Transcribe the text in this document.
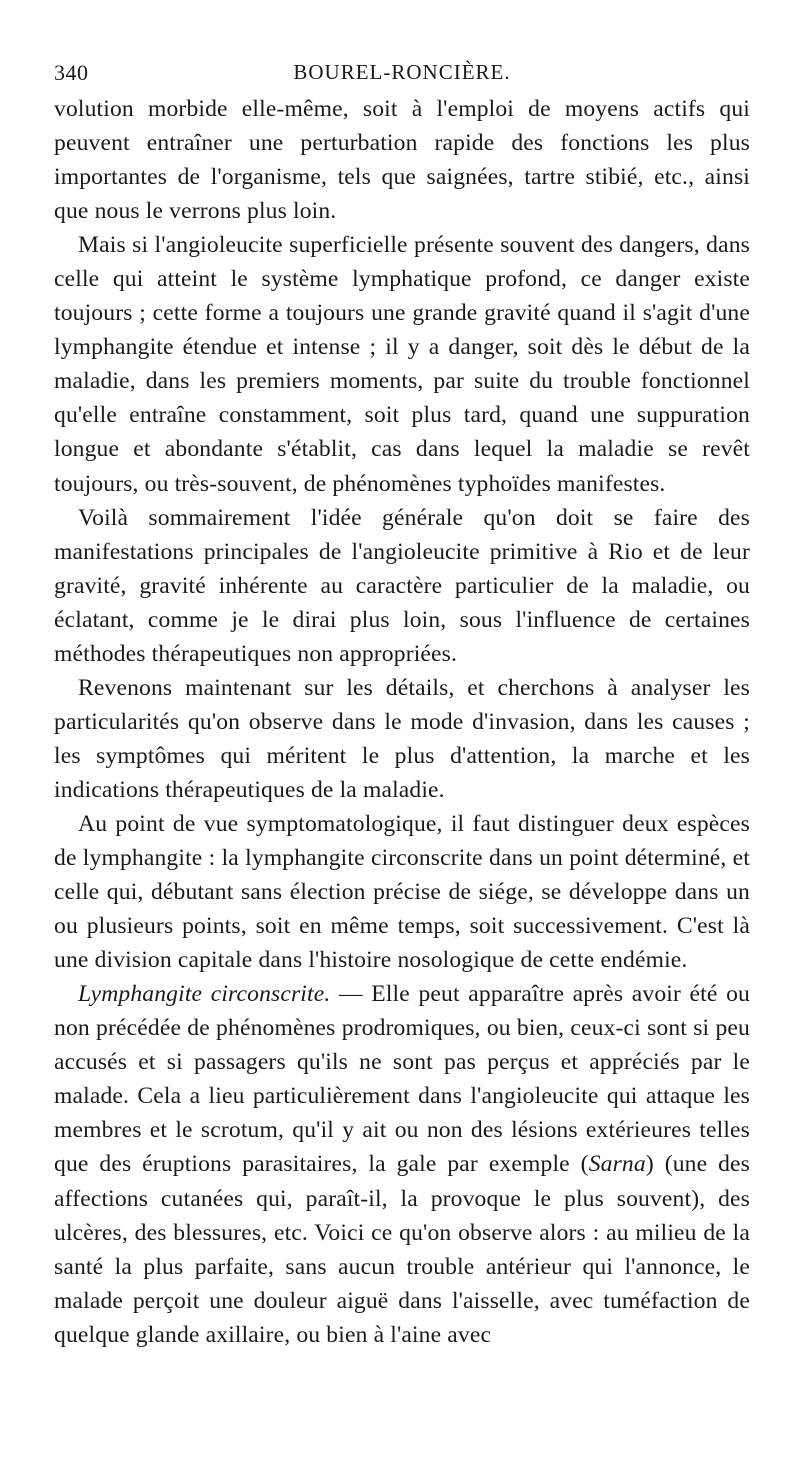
340	BOUREL-RONCIÈRE.

volution morbide elle-même, soit à l'emploi de moyens actifs qui peuvent entraîner une perturbation rapide des fonctions les plus importantes de l'organisme, tels que saignées, tartre stibié, etc., ainsi que nous le verrons plus loin.

Mais si l'angioleucite superficielle présente souvent des dangers, dans celle qui atteint le système lymphatique profond, ce danger existe toujours ; cette forme a toujours une grande gravité quand il s'agit d'une lymphangite étendue et intense ; il y a danger, soit dès le début de la maladie, dans les premiers moments, par suite du trouble fonctionnel qu'elle entraîne constamment, soit plus tard, quand une suppuration longue et abondante s'établit, cas dans lequel la maladie se revêt toujours, ou très-souvent, de phénomènes typhoïdes manifestes.

Voilà sommairement l'idée générale qu'on doit se faire des manifestations principales de l'angioleucite primitive à Rio et de leur gravité, gravité inhérente au caractère particulier de la maladie, ou éclatant, comme je le dirai plus loin, sous l'influence de certaines méthodes thérapeutiques non appropriées.

Revenons maintenant sur les détails, et cherchons à analyser les particularités qu'on observe dans le mode d'invasion, dans les causes ; les symptômes qui méritent le plus d'attention, la marche et les indications thérapeutiques de la maladie.

Au point de vue symptomatologique, il faut distinguer deux espèces de lymphangite : la lymphangite circonscrite dans un point déterminé, et celle qui, débutant sans élection précise de siége, se développe dans un ou plusieurs points, soit en même temps, soit successivement. C'est là une division capitale dans l'histoire nosologique de cette endémie.

Lymphangite circonscrite. — Elle peut apparaître après avoir été ou non précédée de phénomènes prodromiques, ou bien, ceux-ci sont si peu accusés et si passagers qu'ils ne sont pas perçus et appréciés par le malade. Cela a lieu particulièrement dans l'angioleucite qui attaque les membres et le scrotum, qu'il y ait ou non des lésions extérieures telles que des éruptions parasitaires, la gale par exemple (Sarna) (une des affections cutanées qui, paraît-il, la provoque le plus souvent), des ulcères, des blessures, etc. Voici ce qu'on observe alors : au milieu de la santé la plus parfaite, sans aucun trouble antérieur qui l'annonce, le malade perçoit une douleur aiguë dans l'aisselle, avec tuméfaction de quelque glande axillaire, ou bien à l'aine avec
